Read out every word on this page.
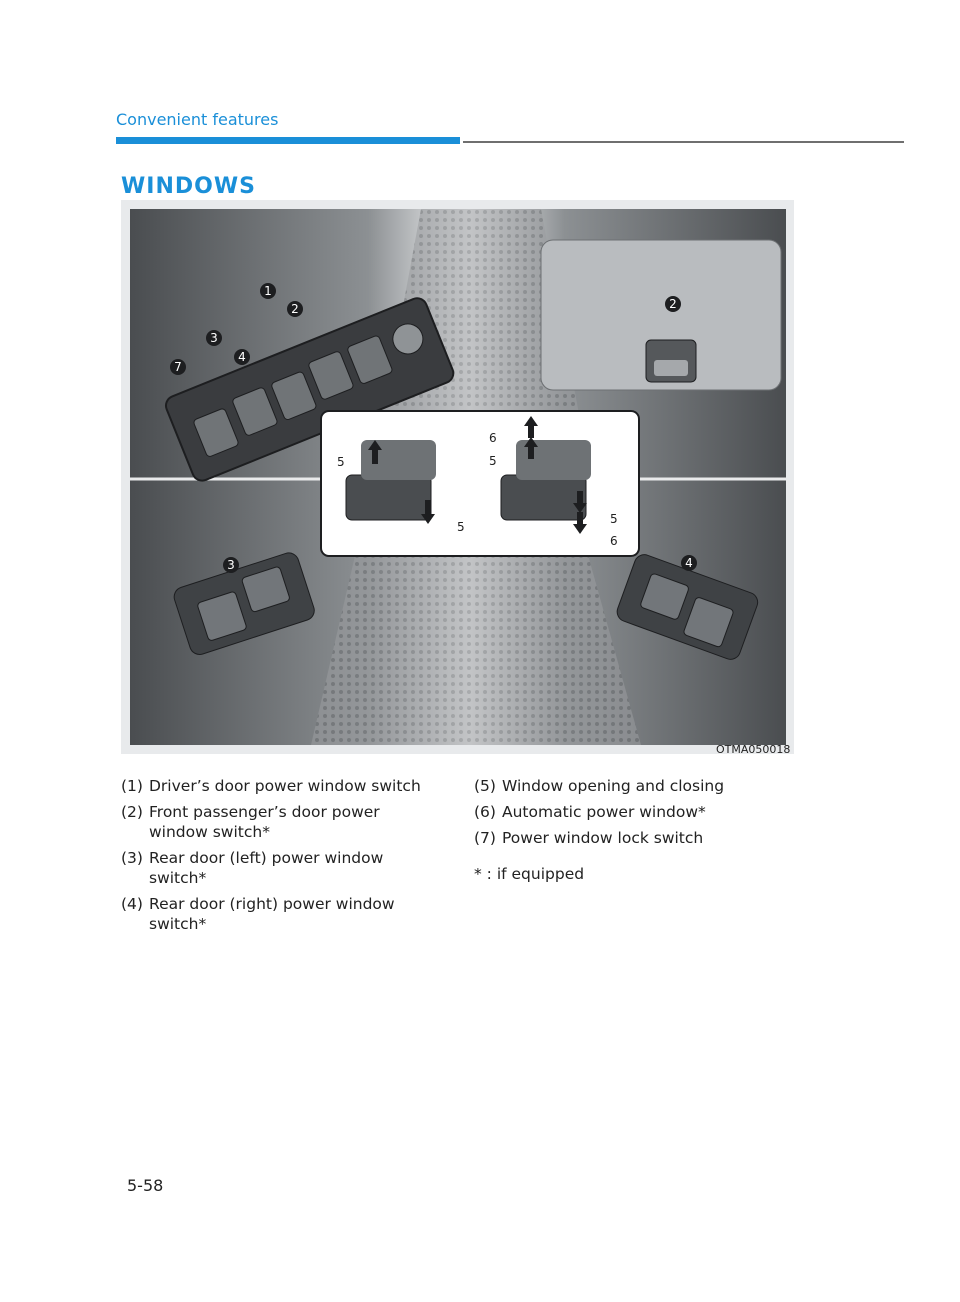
Convenient features
WINDOWS
5
5
6
5
5
6
1
2
3
4
7
2
3	4
OTMA050018
(1) Driver’s door power window switch
(2) Front passenger’s door power window switch*
(3) Rear door (left) power window switch*
(4) Rear door (right) power window switch*
(5) Window opening and closing
(6) Automatic power window*
(7) Power window lock switch
* : if equipped
5-58
